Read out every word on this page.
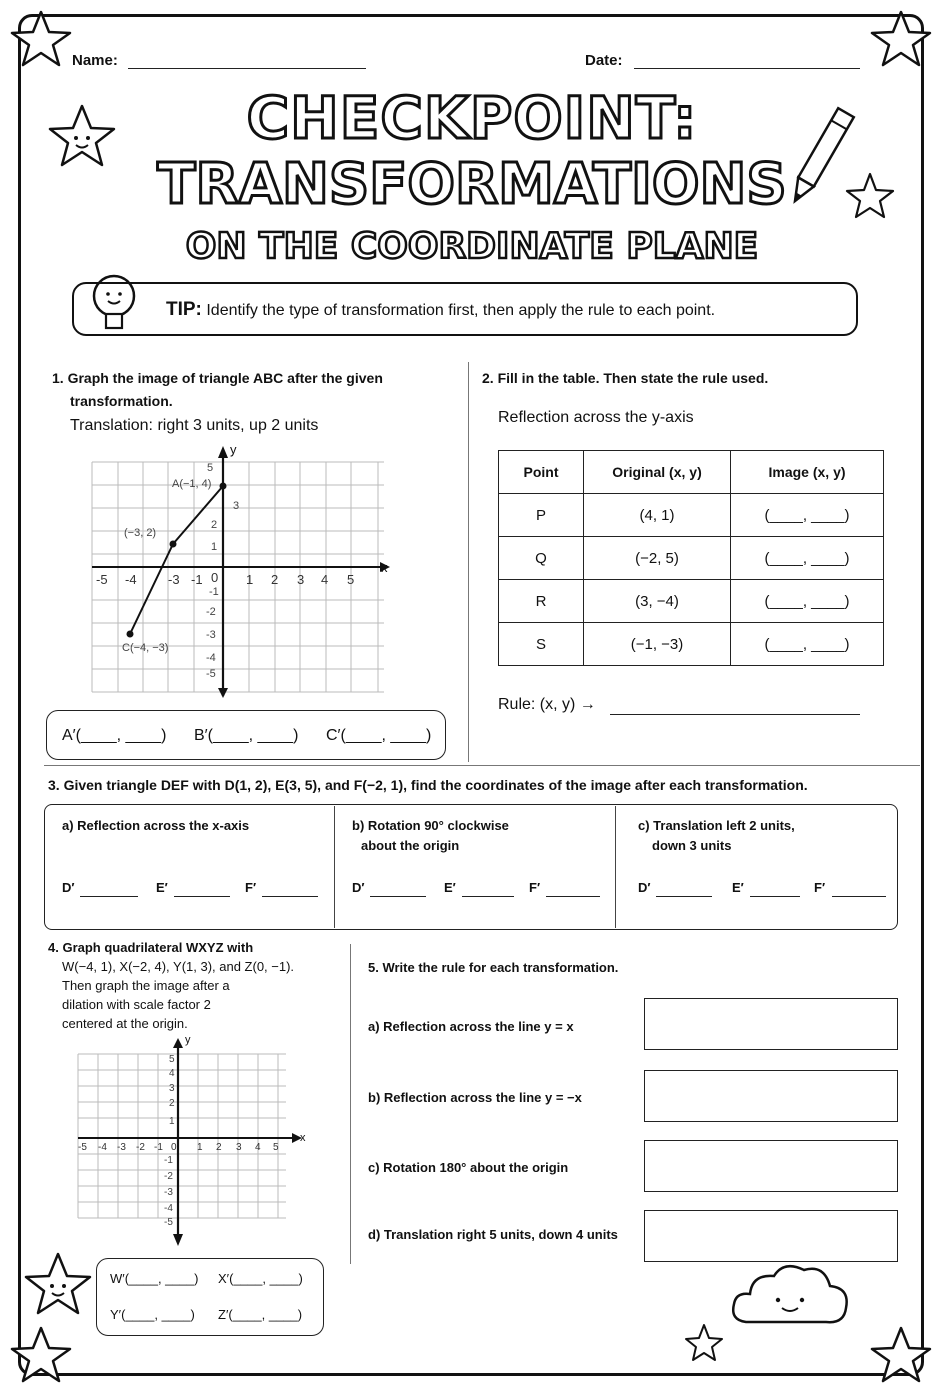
Name:	Date:
CHECKPOINT:
TRANSFORMATIONS
ON THE COORDINATE PLANE
TIP: Identify the type of transformation first, then apply the rule to each point.
1. Graph the image of triangle ABC after the given
transformation.
Translation: right 3 units, up 2 units
y
x
-5 -4 -3 -1 0 1 2 3 4 5
5
3
2
1
-1
-2
-3
-4
-5
A(−1, 4)
(−3, 2)
C(−4, −3)
A′(____, ____) B′(____, ____) C′(____, ____)
2. Fill in the table. Then state the rule used.
Reflection across the y-axis
Point	Original (x, y)	Image (x, y)
P	(4, 1)	(____, ____)
Q	(−2, 5)	(____, ____)
R	(3, −4)	(____, ____)
S	(−1, −3)	(____, ____)
Rule: (x, y) →
3. Given triangle DEF with D(1, 2), E(3, 5), and F(−2, 1), find the coordinates of the image after each transformation.
a) Reflection across the x-axis	b) Rotation 90° clockwise
about the origin
c) Translation left 2 units,
down 3 units
D′	E′	F′	D′	E′	F′	D′	E′	F′
4. Graph quadrilateral WXYZ with
W(−4, 1), X(−2, 4), Y(1, 3), and Z(0, −1).
Then graph the image after a
dilation with scale factor 2
centered at the origin.
y
x
-5 -4 -3 -2 -1 0 1 2 3 4 5
5
4
3
2
1
-1
-2
-3
-4
-5
W′(____, ____) X′(____, ____)
Y′(____, ____) Z′(____, ____)
5. Write the rule for each transformation.
a) Reflection across the line y = x
b) Reflection across the line y = −x
c) Rotation 180° about the origin
d) Translation right 5 units, down 4 units
